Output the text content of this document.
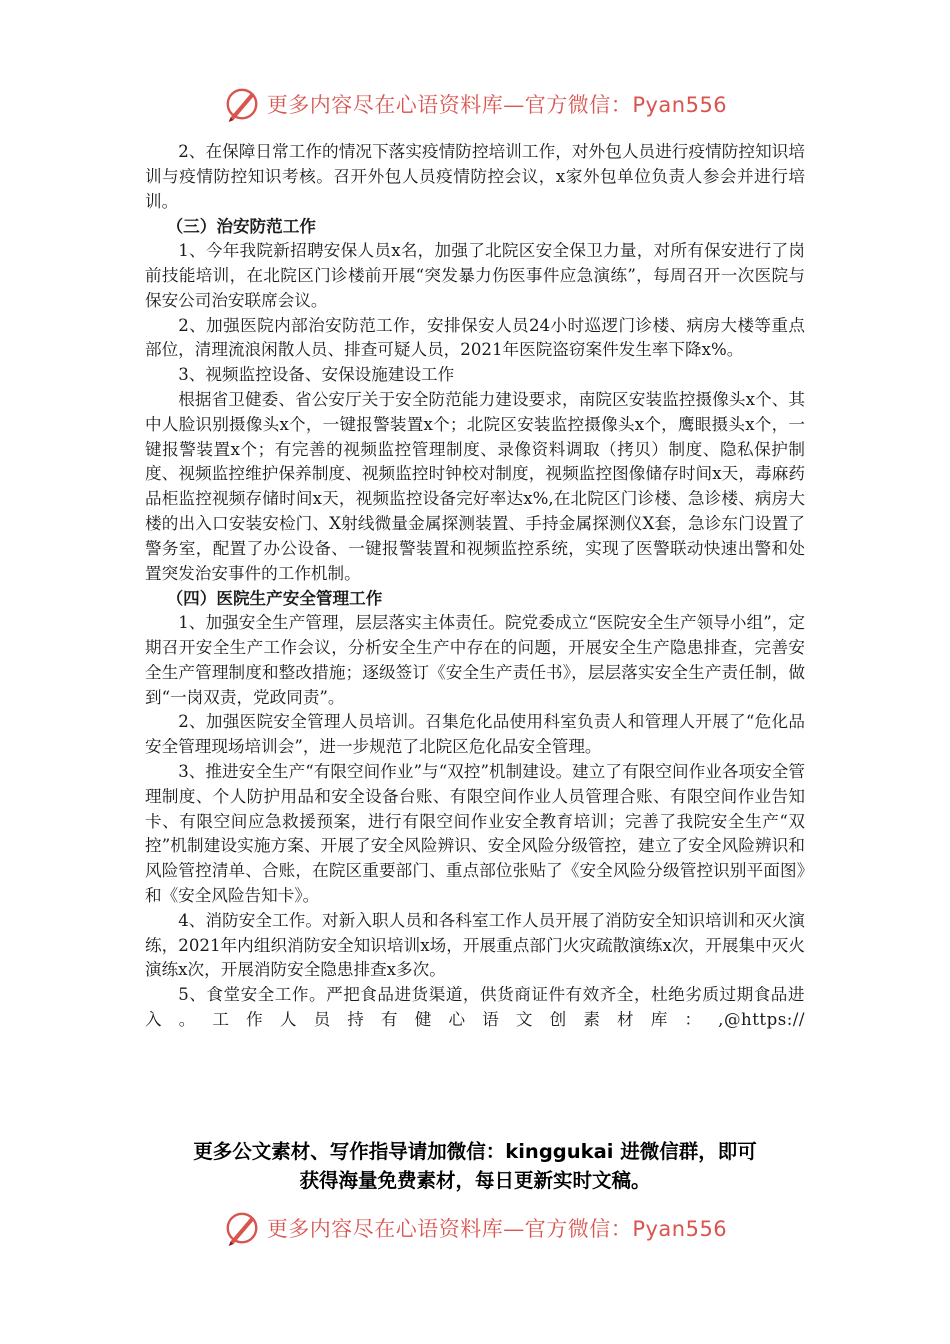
更多内容尽在心语资料库—官方微信：Pyan556

2、在保障日常工作的情况下落实疫情防控培训工作，对外包人员进行疫情防控知识培训与疫情防控知识考核。召开外包人员疫情防控会议，x家外包单位负责人参会并进行培训。

（三）治安防范工作

1、今年我院新招聘安保人员x名，加强了北院区安全保卫力量，对所有保安进行了岗前技能培训，在北院区门诊楼前开展“突发暴力伤医事件应急演练”，每周召开一次医院与保安公司治安联席会议。

2、加强医院内部治安防范工作，安排保安人员24小时巡逻门诊楼、病房大楼等重点部位，清理流浪闲散人员、排查可疑人员，2021年医院盗窃案件发生率下降x%。

3、视频监控设备、安保设施建设工作

根据省卫健委、省公安厅关于安全防范能力建设要求，南院区安装监控摄像头x个、其中人脸识别摄像头x个，一键报警装置x个；北院区安装监控摄像头x个，鹰眼摄头x个，一键报警装置x个；有完善的视频监控管理制度、录像资料调取（拷贝）制度、隐私保护制度、视频监控维护保养制度、视频监控时钟校对制度，视频监控图像储存时间x天，毒麻药品柜监控视频存储时间x天，视频监控设备完好率达x%,在北院区门诊楼、急诊楼、病房大楼的出入口安装安检门、X射线微量金属探测装置、手持金属探测仪X套，急诊东门设置了警务室，配置了办公设备、一键报警装置和视频监控系统，实现了医警联动快速出警和处置突发治安事件的工作机制。

（四）医院生产安全管理工作

1、加强安全生产管理，层层落实主体责任。院党委成立“医院安全生产领导小组”，定期召开安全生产工作会议，分析安全生产中存在的问题，开展安全生产隐患排查，完善安全生产管理制度和整改措施；逐级签订《安全生产责任书》，层层落实安全生产责任制，做到“一岗双责，党政同责”。

2、加强医院安全管理人员培训。召集危化品使用科室负责人和管理人开展了“危化品安全管理现场培训会”，进一步规范了北院区危化品安全管理。

3、推进安全生产“有限空间作业”与“双控”机制建设。建立了有限空间作业各项安全管理制度、个人防护用品和安全设备台账、有限空间作业人员管理合账、有限空间作业告知卡、有限空间应急救援预案，进行有限空间作业安全教育培训；完善了我院安全生产“双控”机制建设实施方案、开展了安全风险辨识、安全风险分级管控，建立了安全风险辨识和风险管控清单、合账，在院区重要部门、重点部位张贴了《安全风险分级管控识别平面图》和《安全风险告知卡》。

4、消防安全工作。对新入职人员和各科室工作人员开展了消防安全知识培训和灭火演练，2021年内组织消防安全知识培训x场，开展重点部门火灾疏散演练x次，开展集中灭火演练x次，开展消防安全隐患排查x多次。

5、食堂安全工作。严把食品进货渠道，供货商证件有效齐全，杜绝劣质过期食品进入。工作人员持有健心语文创素材库：,@https://

更多公文素材、写作指导请加微信：kinggukai 进微信群，即可
获得海量免费素材，每日更新实时文稿。
更多内容尽在心语资料库—官方微信：Pyan556
